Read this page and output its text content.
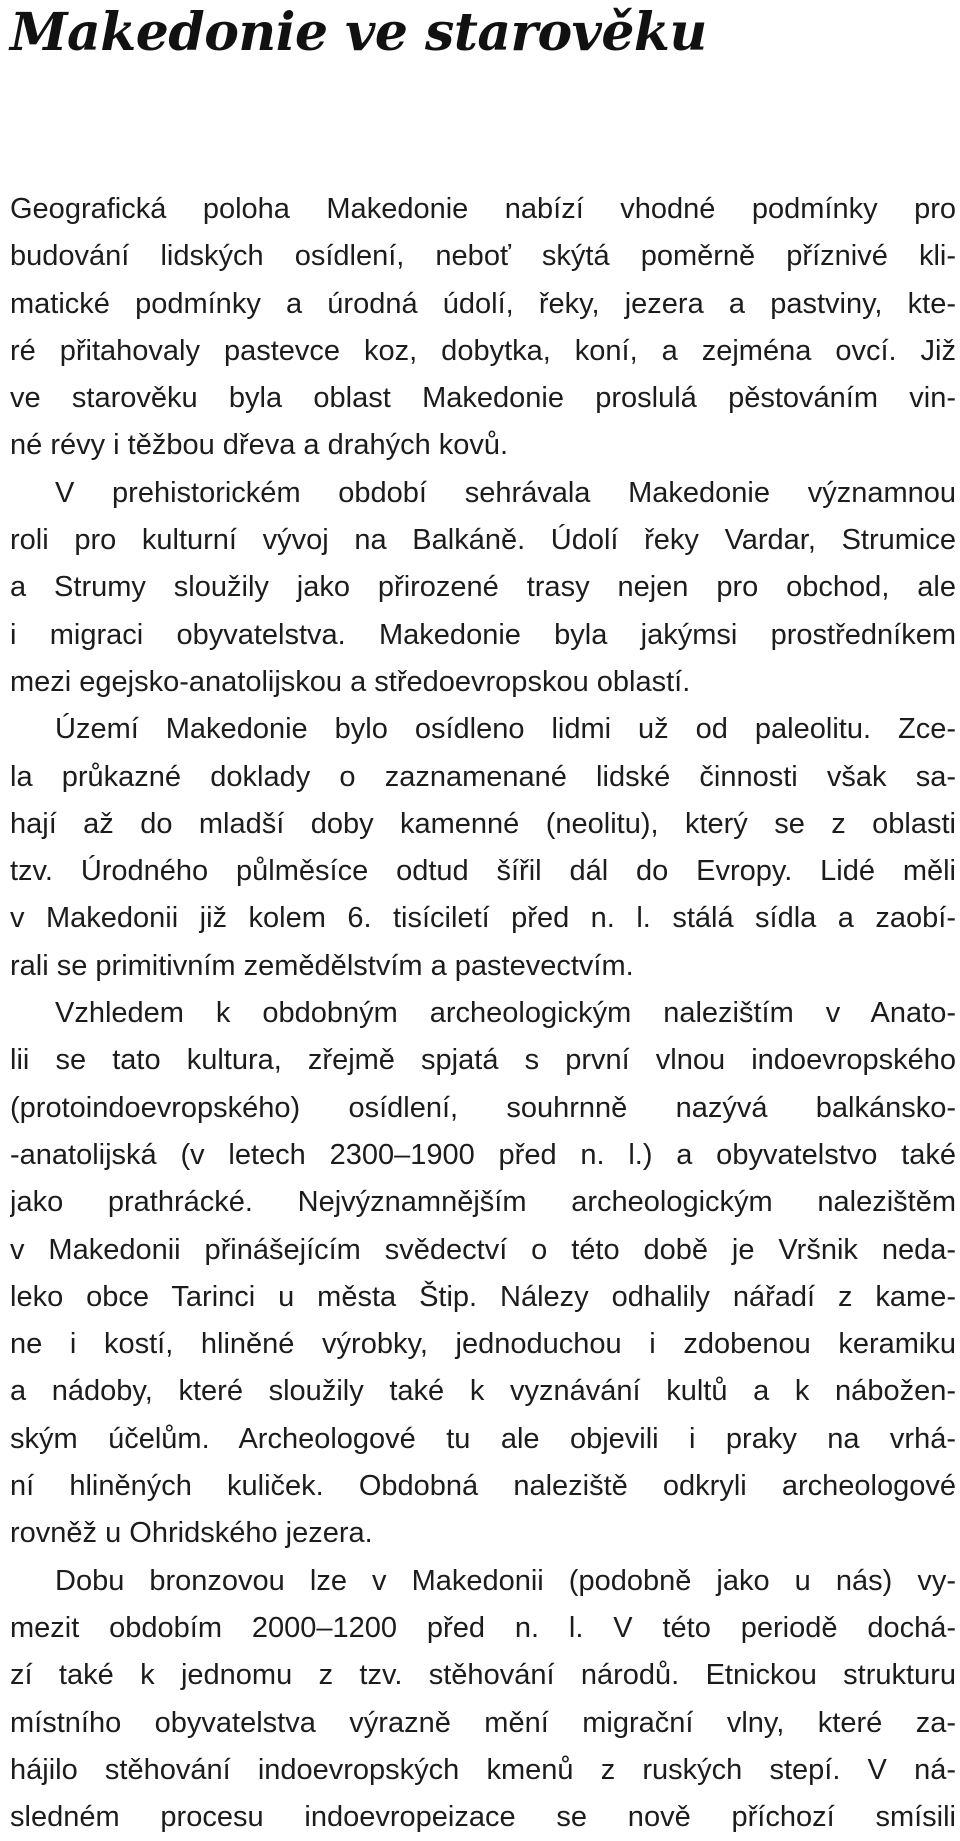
Makedonie ve starověku
Geografická poloha Makedonie nabízí vhodné podmínky pro
budování lidských osídlení, neboť skýtá poměrně příznivé kli-
matické podmínky a úrodná údolí, řeky, jezera a pastviny, kte-
ré přitahovaly pastevce koz, dobytka, koní, a zejména ovcí. Již
ve starověku byla oblast Makedonie proslulá pěstováním vin-
né révy i těžbou dřeva a drahých kovů.
V prehistorickém období sehrávala Makedonie významnou
roli pro kulturní vývoj na Balkáně. Údolí řeky Vardar, Strumice
a Strumy sloužily jako přirozené trasy nejen pro obchod, ale
i migraci obyvatelstva. Makedonie byla jakýmsi prostředníkem
mezi egejsko-anatolijskou a středoevropskou oblastí.
Území Makedonie bylo osídleno lidmi už od paleolitu. Zce-
la průkazné doklady o zaznamenané lidské činnosti však sa-
hají až do mladší doby kamenné (neolitu), který se z oblasti
tzv. Úrodného půlměsíce odtud šířil dál do Evropy. Lidé měli
v Makedonii již kolem 6. tisíciletí před n. l. stálá sídla a zaobí-
rali se primitivním zemědělstvím a pastevectvím.
Vzhledem k obdobným archeologickým nalezištím v Anato-
lii se tato kultura, zřejmě spjatá s první vlnou indoevropského
(protoindoevropského) osídlení, souhrnně nazývá balkánsko-
-anatolijská (v letech 2300–1900 před n. l.) a obyvatelstvo také
jako prathrácké. Nejvýznamnějším archeologickým nalezištěm
v Makedonii přinášejícím svědectví o této době je Vršnik neda-
leko obce Tarinci u města Štip. Nálezy odhalily nářadí z kame-
ne i kostí, hliněné výrobky, jednoduchou i zdobenou keramiku
a nádoby, které sloužily také k vyznávání kultů a k nábožen-
ským účelům. Archeologové tu ale objevili i praky na vrhá-
ní hliněných kuliček. Obdobná naleziště odkryli archeologové
rovněž u Ohridského jezera.
Dobu bronzovou lze v Makedonii (podobně jako u nás) vy-
mezit obdobím 2000–1200 před n. l. V této periodě dochá-
zí také k jednomu z tzv. stěhování národů. Etnickou strukturu
místního obyvatelstva výrazně mění migrační vlny, které za-
hájilo stěhování indoevropských kmenů z ruských stepí. V ná-
sledném procesu indoevropeizace se nově příchozí smísili
